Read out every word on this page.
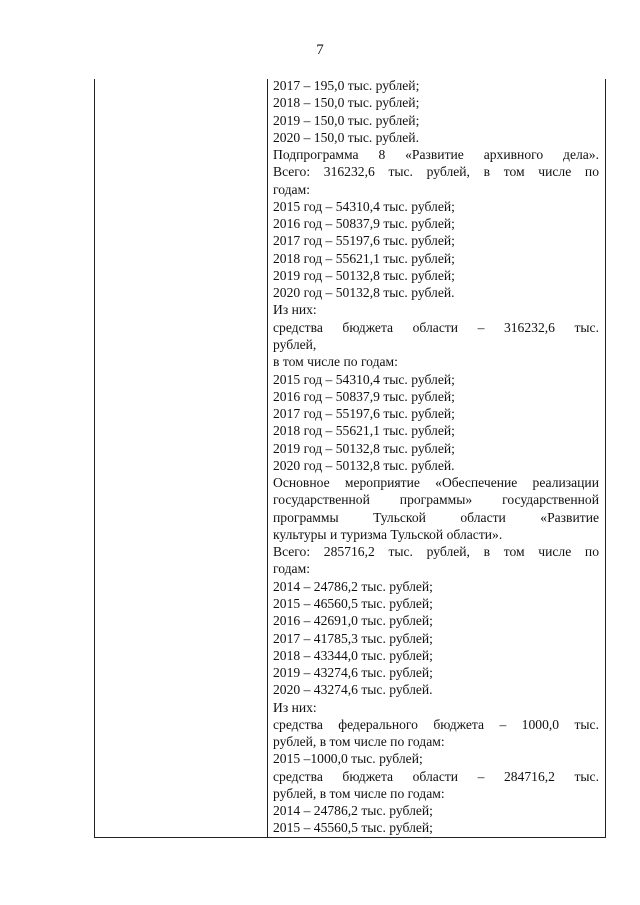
7
2017 – 195,0 тыс. рублей;
2018 – 150,0 тыс. рублей;
2019 – 150,0 тыс. рублей;
2020 – 150,0 тыс. рублей.
Подпрограмма 8 «Развитие архивного дела».
Всего: 316232,6 тыс. рублей, в том числе по
годам:
2015 год – 54310,4 тыс. рублей;
2016 год – 50837,9 тыс. рублей;
2017 год – 55197,6 тыс. рублей;
2018 год – 55621,1 тыс. рублей;
2019 год – 50132,8 тыс. рублей;
2020 год – 50132,8 тыс. рублей.
Из них:
средства бюджета области – 316232,6 тыс.
рублей,
в том числе по годам:
2015 год – 54310,4 тыс. рублей;
2016 год – 50837,9 тыс. рублей;
2017 год – 55197,6 тыс. рублей;
2018 год – 55621,1 тыс. рублей;
2019 год – 50132,8 тыс. рублей;
2020 год – 50132,8 тыс. рублей.
Основное мероприятие «Обеспечение реализации
государственной программы» государственной
программы Тульской области «Развитие
культуры и туризма Тульской области».
Всего: 285716,2 тыс. рублей, в том числе по
годам:
2014 – 24786,2 тыс. рублей;
2015 – 46560,5 тыс. рублей;
2016 – 42691,0 тыс. рублей;
2017 – 41785,3 тыс. рублей;
2018 – 43344,0 тыс. рублей;
2019 – 43274,6 тыс. рублей;
2020 – 43274,6 тыс. рублей.
Из них:
средства федерального бюджета – 1000,0 тыс.
рублей, в том числе по годам:
2015 –1000,0 тыс. рублей;
средства бюджета области – 284716,2 тыс.
рублей, в том числе по годам:
2014 – 24786,2 тыс. рублей;
2015 – 45560,5 тыс. рублей;
